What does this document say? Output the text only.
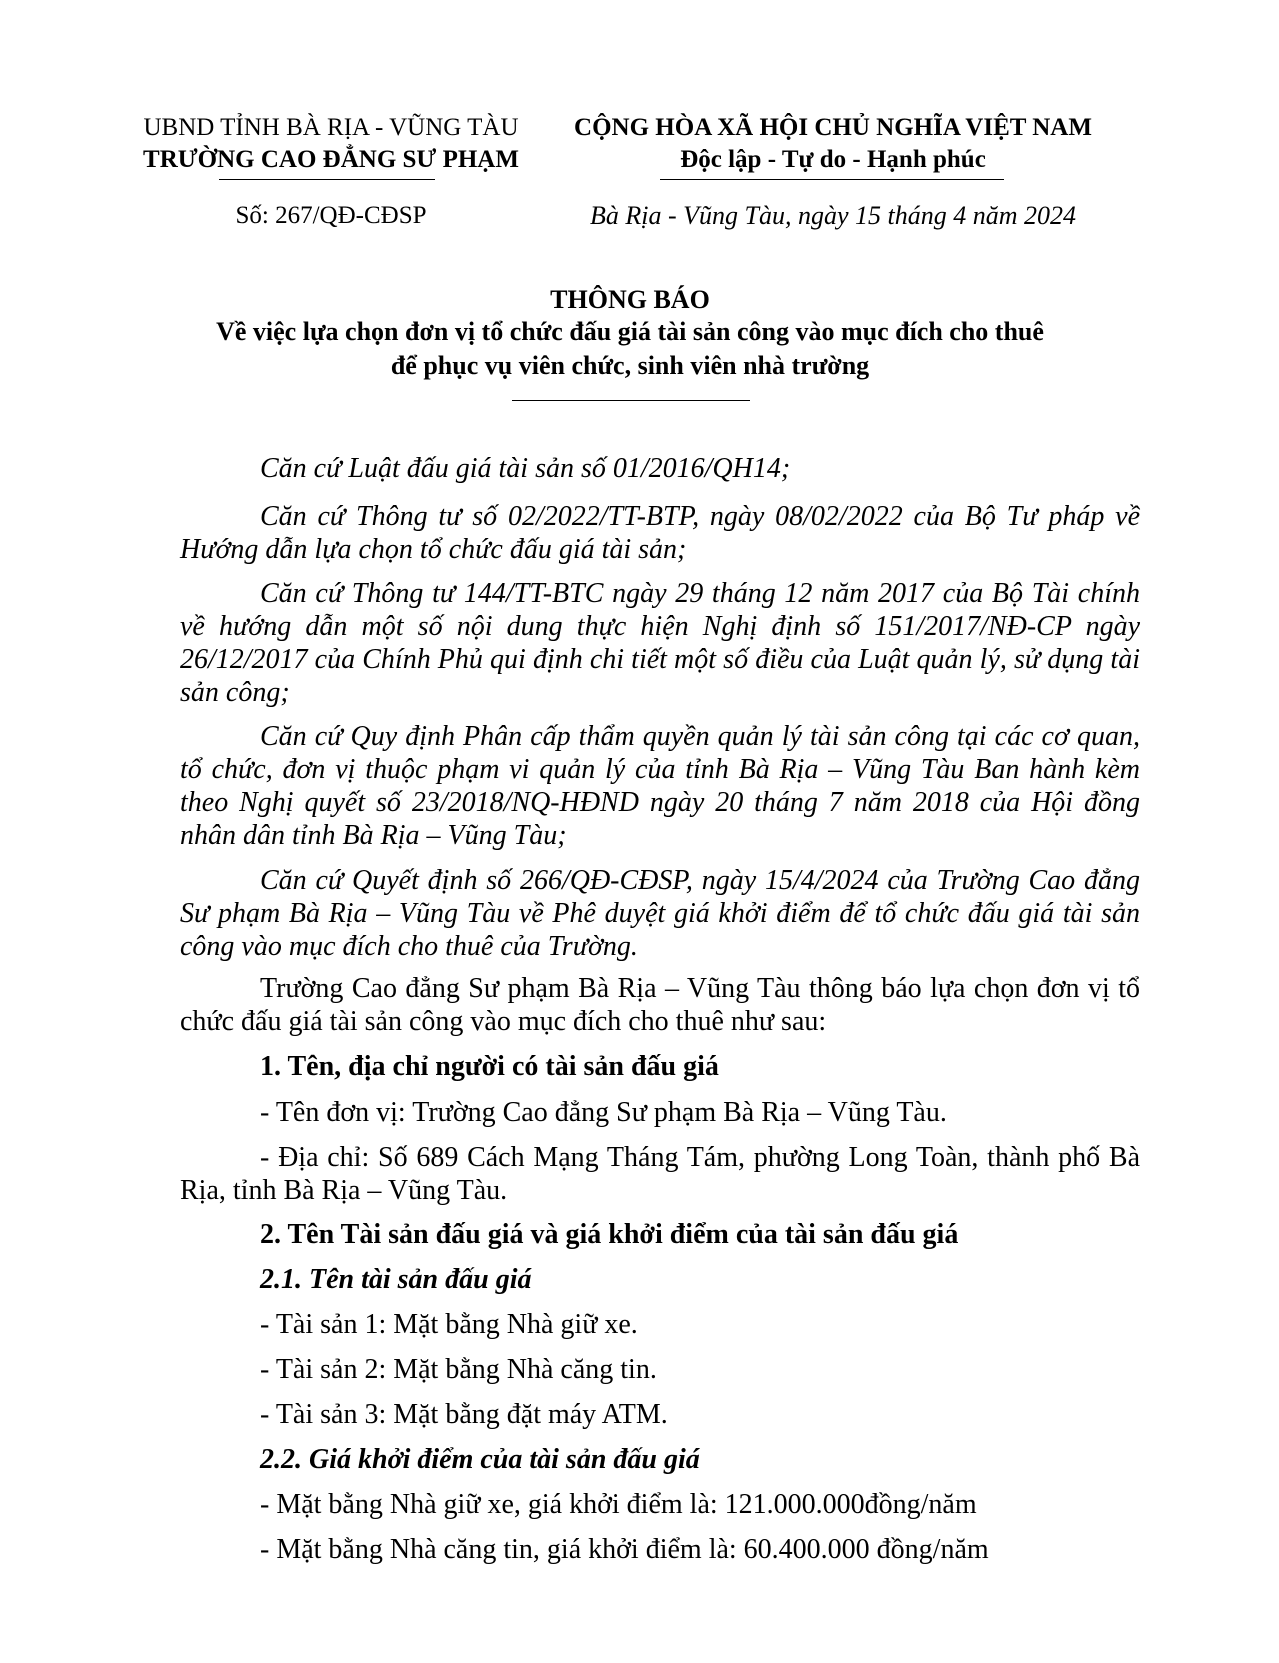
UBND TỈNH BÀ RỊA - VŨNG TÀU
TRƯỜNG CAO ĐẲNG SƯ PHẠM
CỘNG HÒA XÃ HỘI CHỦ NGHĨA VIỆT NAM
Độc lập - Tự do - Hạnh phúc
Số: 267/QĐ-CĐSP	Bà Rịa - Vũng Tàu, ngày 15 tháng 4 năm 2024
THÔNG BÁO
Về việc lựa chọn đơn vị tổ chức đấu giá tài sản công vào mục đích cho thuê
để phục vụ viên chức, sinh viên nhà trường

Căn cứ Luật đấu giá tài sản số 01/2016/QH14;

Căn cứ Thông tư số 02/2022/TT-BTP, ngày 08/02/2022 của Bộ Tư pháp về Hướng dẫn lựa chọn tổ chức đấu giá tài sản;

Căn cứ Thông tư 144/TT-BTC ngày 29 tháng 12 năm 2017 của Bộ Tài chính về hướng dẫn một số nội dung thực hiện Nghị định số 151/2017/NĐ-CP ngày 26/12/2017 của Chính Phủ qui định chi tiết một số điều của Luật quản lý, sử dụng tài sản công;

Căn cứ Quy định Phân cấp thẩm quyền quản lý tài sản công tại các cơ quan, tổ chức, đơn vị thuộc phạm vi quản lý của tỉnh Bà Rịa – Vũng Tàu Ban hành kèm theo Nghị quyết số 23/2018/NQ-HĐND ngày 20 tháng 7 năm 2018 của Hội đồng nhân dân tỉnh Bà Rịa – Vũng Tàu;

Căn cứ Quyết định số 266/QĐ-CĐSP, ngày 15/4/2024 của Trường Cao đẳng Sư phạm Bà Rịa – Vũng Tàu về Phê duyệt giá khởi điểm để tổ chức đấu giá tài sản công vào mục đích cho thuê của Trường.

Trường Cao đẳng Sư phạm Bà Rịa – Vũng Tàu thông báo lựa chọn đơn vị tổ chức đấu giá tài sản công vào mục đích cho thuê như sau:

1. Tên, địa chỉ người có tài sản đấu giá

- Tên đơn vị: Trường Cao đẳng Sư phạm Bà Rịa – Vũng Tàu.

- Địa chỉ: Số 689 Cách Mạng Tháng Tám, phường Long Toàn, thành phố Bà Rịa, tỉnh Bà Rịa – Vũng Tàu.

2. Tên Tài sản đấu giá và giá khởi điểm của tài sản đấu giá

2.1. Tên tài sản đấu giá

- Tài sản 1: Mặt bằng Nhà giữ xe.

- Tài sản 2: Mặt bằng Nhà căng tin.

- Tài sản 3: Mặt bằng đặt máy ATM.

2.2. Giá khởi điểm của tài sản đấu giá

- Mặt bằng Nhà giữ xe, giá khởi điểm là: 121.000.000đồng/năm

- Mặt bằng Nhà căng tin, giá khởi điểm là: 60.400.000 đồng/năm
